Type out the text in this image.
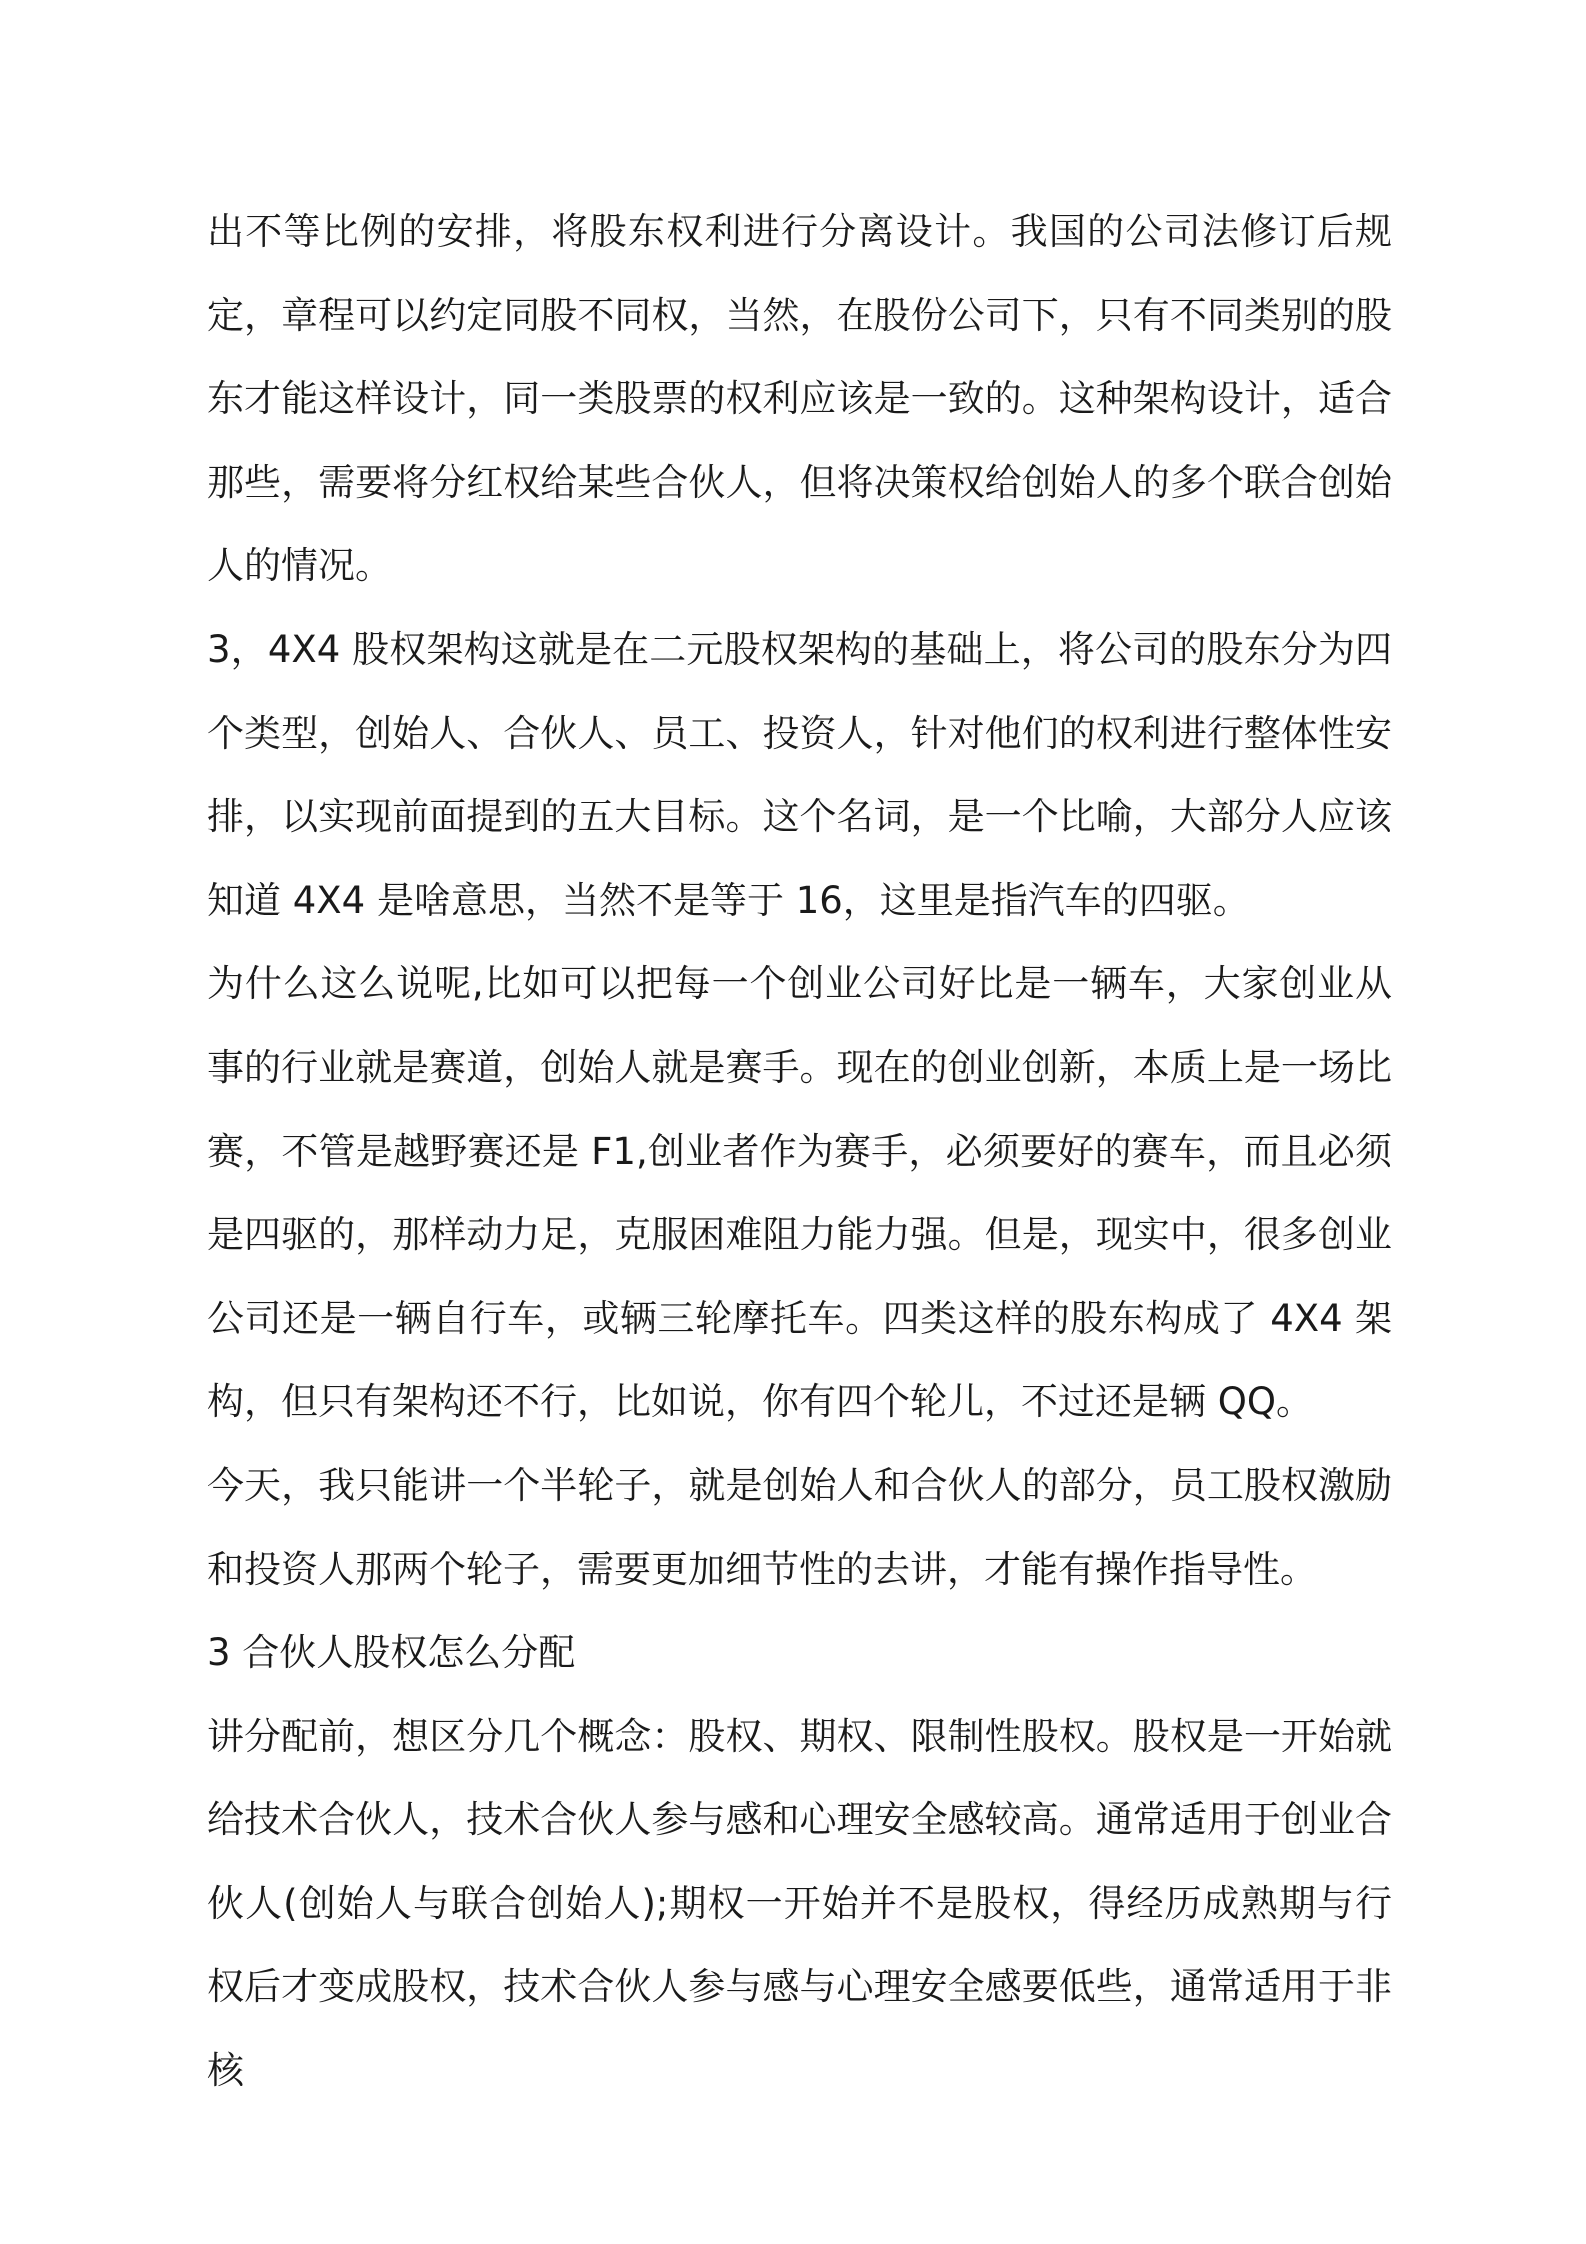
出不等比例的安排，将股东权利进行分离设计。我国的公司法修订后规定，章程可以约定同股不同权，当然，在股份公司下，只有不同类别的股东才能这样设计，同一类股票的权利应该是一致的。这种架构设计，适合那些，需要将分红权给某些合伙人，但将决策权给创始人的多个联合创始人的情况。

3，4X4 股权架构这就是在二元股权架构的基础上，将公司的股东分为四个类型，创始人、合伙人、员工、投资人，针对他们的权利进行整体性安排，以实现前面提到的五大目标。这个名词，是一个比喻，大部分人应该知道 4X4 是啥意思，当然不是等于 16，这里是指汽车的四驱。

为什么这么说呢,比如可以把每一个创业公司好比是一辆车，大家创业从事的行业就是赛道，创始人就是赛手。现在的创业创新，本质上是一场比赛，不管是越野赛还是 F1,创业者作为赛手，必须要好的赛车，而且必须是四驱的，那样动力足，克服困难阻力能力强。但是，现实中，很多创业公司还是一辆自行车，或辆三轮摩托车。四类这样的股东构成了 4X4 架构，但只有架构还不行，比如说，你有四个轮儿，不过还是辆 QQ。

今天，我只能讲一个半轮子，就是创始人和合伙人的部分，员工股权激励和投资人那两个轮子，需要更加细节性的去讲，才能有操作指导性。

3 合伙人股权怎么分配

讲分配前，想区分几个概念：股权、期权、限制性股权。股权是一开始就给技术合伙人，技术合伙人参与感和心理安全感较高。通常适用于创业合伙人(创始人与联合创始人);期权一开始并不是股权，得经历成熟期与行权后才变成股权，技术合伙人参与感与心理安全感要低些，通常适用于非核
